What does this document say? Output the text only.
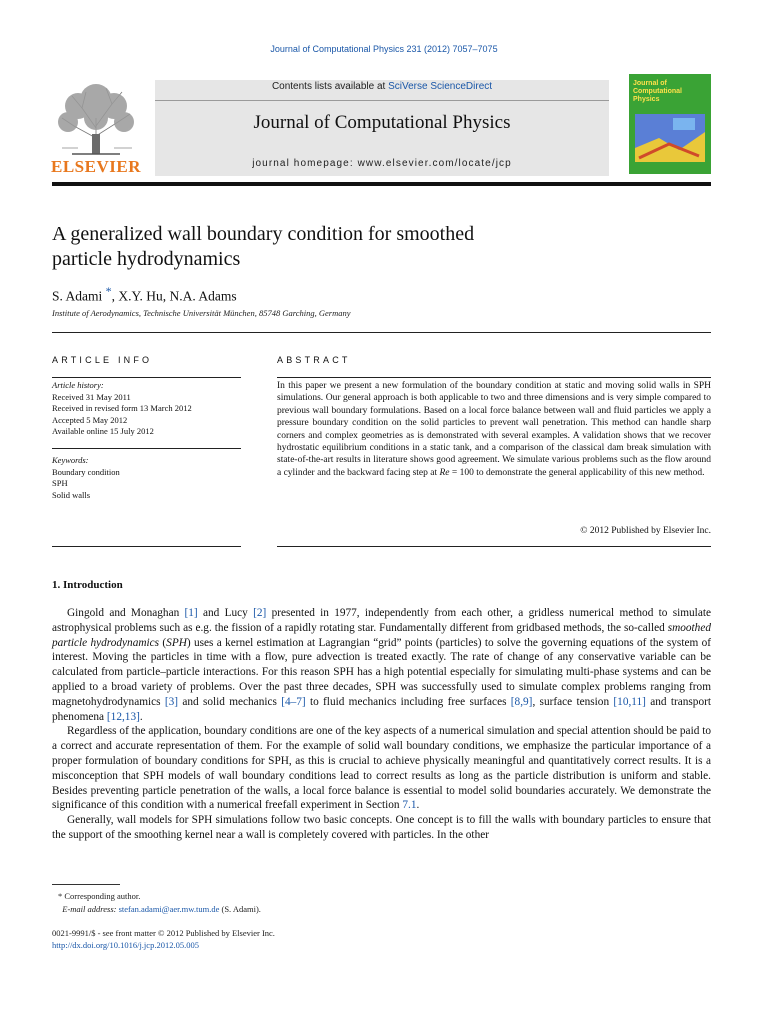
Journal of Computational Physics 231 (2012) 7057–7075
ELSEVIER
Contents lists available at SciVerse ScienceDirect
Journal of Computational Physics
journal homepage: www.elsevier.com/locate/jcp
Journal of
Computational
Physics
A generalized wall boundary condition for smoothed
particle hydrodynamics
S. Adami *, X.Y. Hu, N.A. Adams
Institute of Aerodynamics, Technische Universität München, 85748 Garching, Germany
ARTICLE INFO
Article history:
Received 31 May 2011
Received in revised form 13 March 2012
Accepted 5 May 2012
Available online 15 July 2012
Keywords:
Boundary condition
SPH
Solid walls
ABSTRACT
In this paper we present a new formulation of the boundary condition at static and moving solid walls in SPH simulations. Our general approach is both applicable to two and three dimensions and is very simple compared to previous wall boundary formulations. Based on a local force balance between wall and fluid particles we apply a pressure boundary condition on the solid particles to prevent wall penetration. This method can handle sharp corners and complex geometries as is demonstrated with several examples. A validation shows that we recover hydrostatic equilibrium conditions in a static tank, and a comparison of the classical dam break simulation with state-of-the-art results in literature shows good agreement. We simulate various problems such as the flow around a cylinder and the backward facing step at Re = 100 to demonstrate the general applicability of this new method.
© 2012 Published by Elsevier Inc.
1. Introduction

Gingold and Monaghan [1] and Lucy [2] presented in 1977, independently from each other, a gridless numerical method to simulate astrophysical problems such as e.g. the fission of a rapidly rotating star. Fundamentally different from gridbased methods, the so-called smoothed particle hydrodynamics (SPH) uses a kernel estimation at Lagrangian “grid” points (particles) to solve the governing equations of the system of interest. Moving the particles in time with a flow, pure advection is treated exactly. The rate of change of any conservative variable can be calculated from particle–particle interactions. For this reason SPH has a high potential especially for simulating multi-phase systems and can be applied to a broad variety of problems. Over the past three decades, SPH was successfully used to simulate complex problems ranging from magnetohydrodynamics [3] and solid mechanics [4–7] to fluid mechanics including free surfaces [8,9], surface tension [10,11] and transport phenomena [12,13].

Regardless of the application, boundary conditions are one of the key aspects of a numerical simulation and special attention should be paid to a correct and accurate representation of them. For the example of solid wall boundary conditions, we emphasize the particular importance of a proper formulation of boundary conditions for SPH, as this is crucial to achieve physically meaningful and quantitatively correct results. It is a misconception that SPH models of wall boundary conditions lead to correct results as long as the particle distribution is uniform and stable. Besides preventing particle penetration of the walls, a local force balance is essential to model solid boundaries accurately. We demonstrate the significance of this condition with a numerical freefall experiment in Section 7.1.

Generally, wall models for SPH simulations follow two basic concepts. One concept is to fill the walls with boundary particles to ensure that the support of the smoothing kernel near a wall is completely covered with particles. In the other

* Corresponding author.
E-mail address: stefan.adami@aer.mw.tum.de (S. Adami).
0021-9991/$ - see front matter © 2012 Published by Elsevier Inc.
http://dx.doi.org/10.1016/j.jcp.2012.05.005
